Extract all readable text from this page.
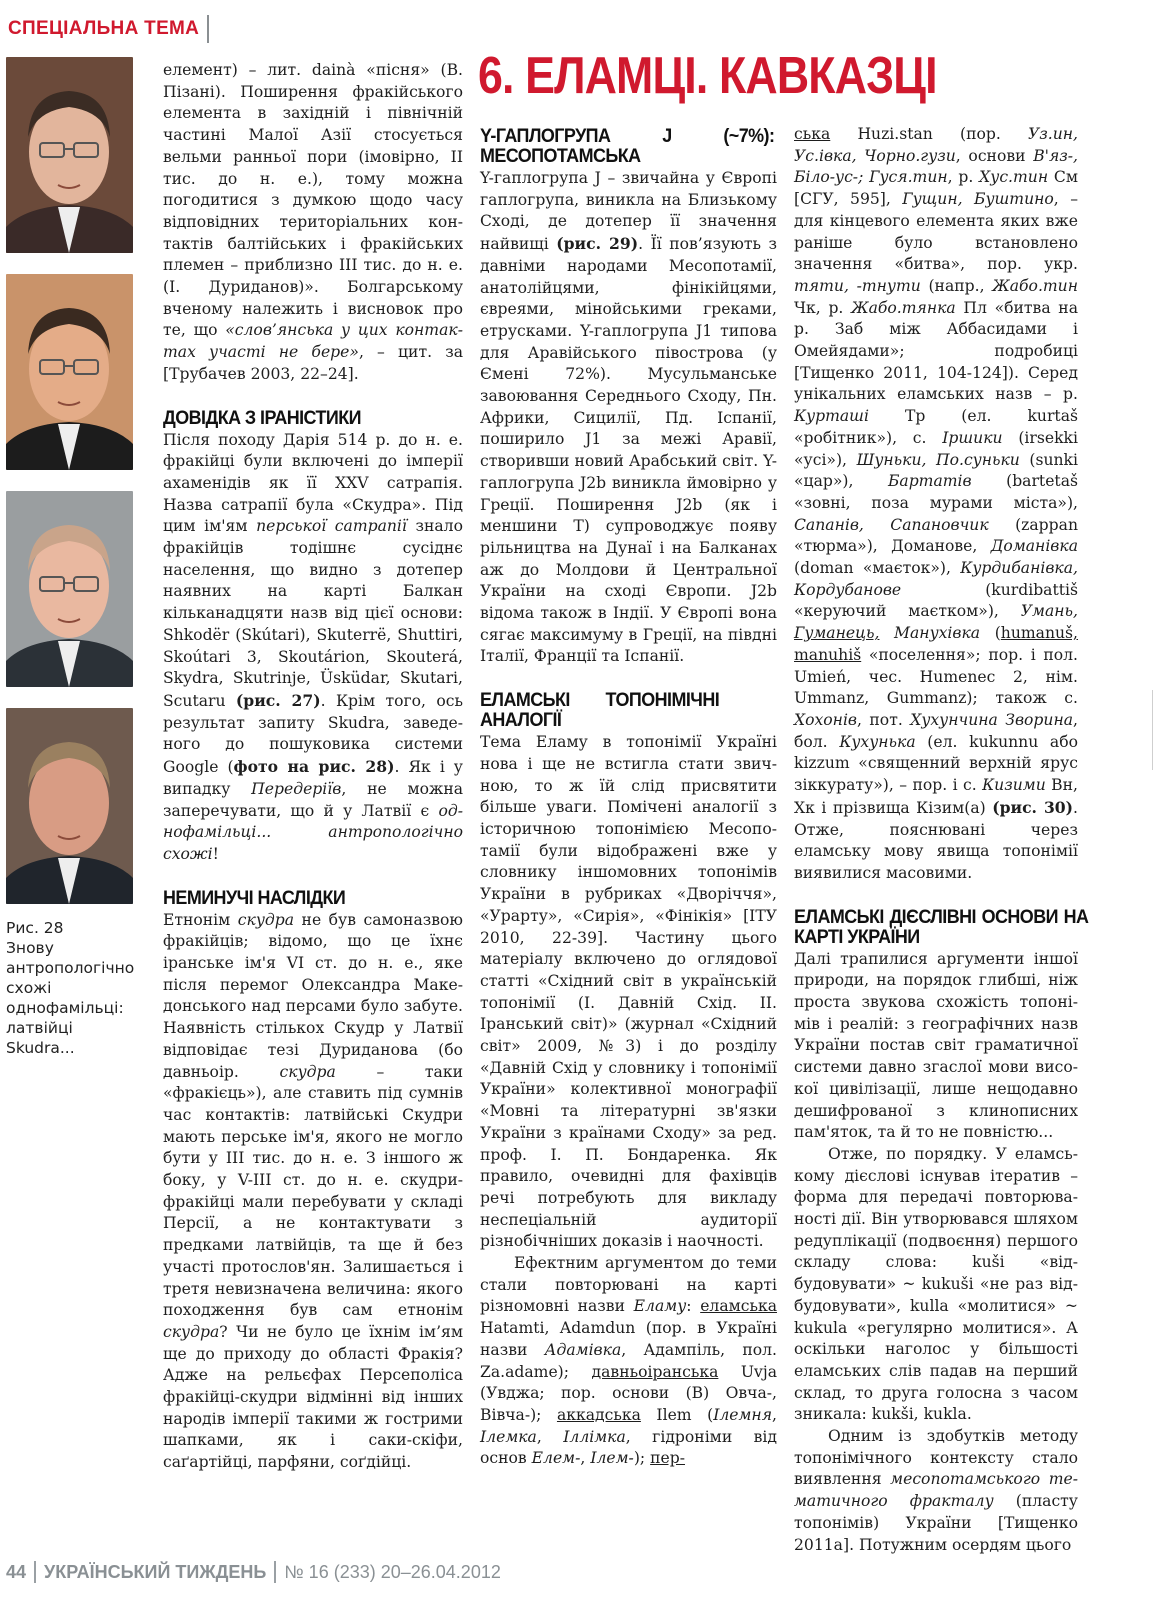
СПЕЦІАЛЬНА ТЕМА
Рис. 28
Знову антропологічно схожі однофамільці: латвійці Skudra...

елемент) – лит. dainà «пісня» (В. Пізані). Поширення фракійського елемента в західній і північній частині Малої Азії стосується вельми ранньої пори (імовірно, II тис. до н. е.), тому можна погодитися з думкою щодо часу відповідних територіальних контактів балтійських і фракійських племен – приблизно III тис. до н. е. (І. Дуриданов)». Болгарському вченому належить і висновок про те, що «слов’янська у цих контактах участі не бере», – цит. за [Трубачев 2003, 22–24].

ДОВІДКА З ІРАНІСТИКИ

Після походу Дарія 514 р. до н. е. фракійці були включені до імперії ахаменідів як її XXV сатрапія. Назва сатрапії була «Скудра». Під цим ім'ям перської сатрапії знало фракійців тодішнє сусіднє населення, що видно з дотепер наявних на карті Балкан кільканадцяти назв від цієї основи: Shkodër (Skútari), Skuterrë, Shuttiri, Skoútari 3, Skoutárion, Skouterá, Skydra, Skutrinje, Üsküdar, Skutari, Scutaru (рис. 27). Крім того, ось результат запиту Skudra, заведеного до пошуковика системи Google (фото на рис. 28). Як і у випадку Передеріїв, не можна заперечувати, що й у Латвії є однофамільці... антропологічно схожі!

НЕМИНУЧІ НАСЛІДКИ

Етнонім скудра не був самоназвою фракійців; відомо, що це їхнє іранське ім'я VI ст. до н. е., яке після перемог Олександра Македонського над персами було забуте. Наявність стількох Скудр у Латвії відповідає тезі Дуриданова (бо давньоір. скудра – таки «фракієць»), але ставить під сумнів час контактів: латвійські Скудри мають перське ім'я, якого не могло бути у III тис. до н. е. З іншого ж боку, у V-III ст. до н. е. скудри-фракійці мали перебувати у складі Персії, а не контактувати з предками латвійців, та ще й без участі протослов'ян. Залишається і третя невизначена величина: якого походження був сам етнонім скудра? Чи не було це їхнім ім’ям ще до приходу до області Фракія? Адже на рельєфах Персеполіса фракійці-скудри відмінні від інших народів імперії такими ж гострими шапками, як і саки-скіфи, саґартійці, парфяни, соґдійці.

6. ЕЛАМЦІ. КАВКАЗЦІ
Y-ГАПЛОГРУПА J (~7%): МЕСОПОТАМСЬКА

Y-гаплогрупа J – звичайна у Європі гаплогрупа, виникла на Близькому Сході, де дотепер її значення найвищі (рис. 29). Її пов’язують з давніми народами Месопотамії, анатолійцями, фінікійцями, євреями, мінойськими греками, етрусками. Y-гаплогрупа J1 типова для Аравійського півострова (у Ємені 72%). Мусульманське завоювання Середнього Сходу, Пн. Африки, Сицилії, Пд. Іспанії, поширило J1 за межі Аравії, створивши новий Арабський світ. Y-гаплогрупа J2b виникла ймовірно у Греції. Поширення J2b (як і меншини T) супроводжує появу рільництва на Дунаї і на Балканах аж до Молдови й Центральної України на сході Європи. J2b відома також в Індії. У Європі вона сягає максимуму в Греції, на півдні Італії, Франції та Іспанії.

ЕЛАМСЬКІ ТОПОНІМІЧНІ АНАЛОГІЇ

Тема Еламу в топонімії Україні нова і ще не встигла стати звичною, то ж їй слід присвятити більше уваги. Помічені аналогії з історичною топонімією Месопотамії були відображені вже у словнику іншомовних топонімів України в рубриках «Дворіччя», «Урарту», «Сирія», «Фінікія» [ІТУ 2010, 22-39]. Частину цього матеріалу включено до оглядової статті «Східний світ в українській топонімії (І. Давній Схід. ІІ. Іранський світ)» (журнал «Східний світ» 2009, №3) і до розділу «Давній Схід у словнику і топонімії України» колективної монографії «Мовні та літературні зв'язки України з країнами Сходу» за ред. проф. І. П. Бондаренка. Як правило, очевидні для фахівців речі потребують для викладу неспеціальній аудиторії різнобічніших доказів і наочності.

Ефектним аргументом до теми стали повторювані на карті різномовні назви Еламу: еламська Hatamti, Adamdun (пор. в Україні назви Адамівка, Адампіль, пол. Za.adame); давньоіранська Uvja (Увджа; пор. основи (В) Овча-, Вівча-); аккадська Ilem (Ілемня, Ілемка, Іллімка, гідроніми від основ Елем-, Ілем-); пер-

ська Huzi.stan (пор. Уз.ин, Ус.івка, Чорно.гузи, основи В'яз-, Біло-ус-; Гуся.тин, р. Хус.тин См [СГУ, 595], Гущин, Буштино, – для кінцевого елемента яких вже раніше було встановлено значення «битва», пор. укр. тяти, -тнути (напр., Жабо.тин Чк, р. Жабо.тянка Пл «битва на р. Заб між Аббасидами і Омейядами»; подробиці [Тищенко 2011, 104-124]). Серед унікальних еламських назв – р. Курташі Тр (ел. kurtaš «робітник»), с. Іршики (irsekki «усі»), Шуньки, По.суньки (sunki «цар»), Бартатів (bartetaš «зовні, поза мурами міста»), Сапанів, Сапановчик (zappan «тюрма»), Доманове, Доманівка (doman «маєток»), Курдибанівка, Кордубанове (kurdibattiš «керуючий маєтком»), Умань, Гуманець, Манухівка (humanuš, manuhiš «поселення»; пор. і пол. Umień, чес. Humenec 2, нім. Ummanz, Gummanz); також с. Хохонів, пот. Хухунчина Зворина, бол. Кухунька (ел. kukunnu або kizzum «священний верхній ярус зіккурату»), – пор. і с. Кизими Вн, Хк і прізвища Кізим(а) (рис. 30). Отже, пояснювані через еламську мову явища топонімії виявилися масовими.

ЕЛАМСЬКІ ДІЄСЛІВНІ ОСНОВИ НА КАРТІ УКРАЇНИ

Далі трапилися аргументи іншої природи, на порядок глибші, ніж проста звукова схожість топонімів і реалій: з географічних назв України постав світ граматичної системи давно згаслої мови високої цивілізації, лише нещодавно дешифрованої з клинописних пам'яток, та й то не повністю...

Отже, по порядку. У еламському дієслові існував ітератив – форма для передачі повторюваності дії. Він утворювався шляхом редуплікації (подвоєння) першого складу слова: kuši «відбудовувати» ~ kukuši «не раз відбудовувати», kulla «молитися» ~ kukula «регулярно молитися». А оскільки наголос у більшості еламських слів падав на перший склад, то друга голосна з часом зникала: kukši, kukla.

Одним із здобутків методу топонімічного контексту стало виявлення месопотамського тематичного фракталу (пласту топонімів) України [Тищенко 2011a]. Потужним осердям цього

44 УКРАЇНСЬКИЙ ТИЖДЕНЬ № 16 (233) 20–26.04.2012
